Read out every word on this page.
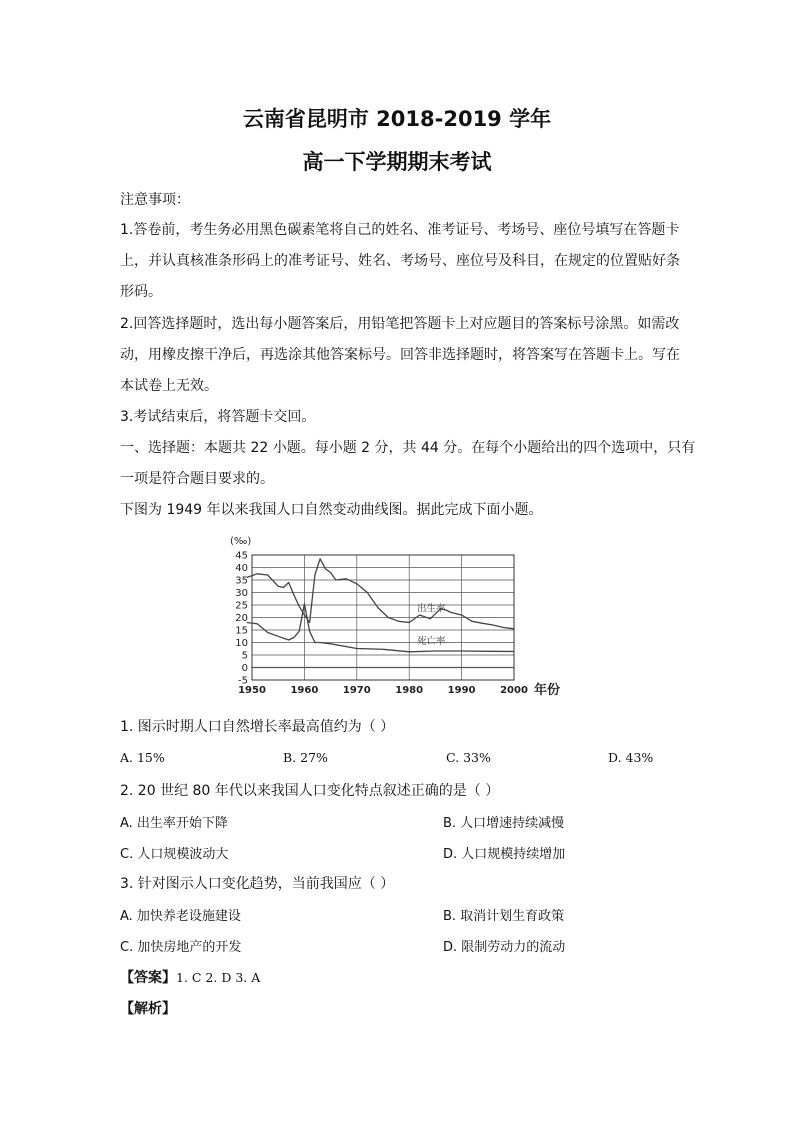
云南省昆明市 2018-2019 学年
高一下学期期末考试
注意事项：
1.答卷前，考生务必用黑色碳素笔将自己的姓名、准考证号、考场号、座位号填写在答题卡
上，并认真核准条形码上的准考证号、姓名、考场号、座位号及科目，在规定的位置贴好条
形码。
2.回答选择题时，选出每小题答案后，用铅笔把答题卡上对应题目的答案标号涂黑。如需改
动，用橡皮擦干净后，再选涂其他答案标号。回答非选择题时，将答案写在答题卡上。写在
本试卷上无效。
3.考试结束后，将答题卡交回。
一、选择题：本题共 22 小题。每小题 2 分，共 44 分。在每个小题给出的四个选项中，只有
一项是符合题目要求的。
下图为 1949 年以来我国人口自然变动曲线图。据此完成下面小题。
(‰)
年份
45
40
35
30
25
20
15
10
5
0
-5
1950 1960 1970 1980 1990 2000
出生率
死亡率
1. 图示时期人口自然增长率最高值约为（ ）
A. 15%	B. 27%	C. 33%	D. 43%
2. 20 世纪 80 年代以来我国人口变化特点叙述正确的是（ ）
A. 出生率开始下降	B. 人口增速持续减慢
C. 人口规模波动大	D. 人口规模持续增加
3. 针对图示人口变化趋势，当前我国应（ ）
A. 加快养老设施建设	B. 取消计划生育政策
C. 加快房地产的开发	D. 限制劳动力的流动
【答案】1. C 2. D 3. A
【解析】
